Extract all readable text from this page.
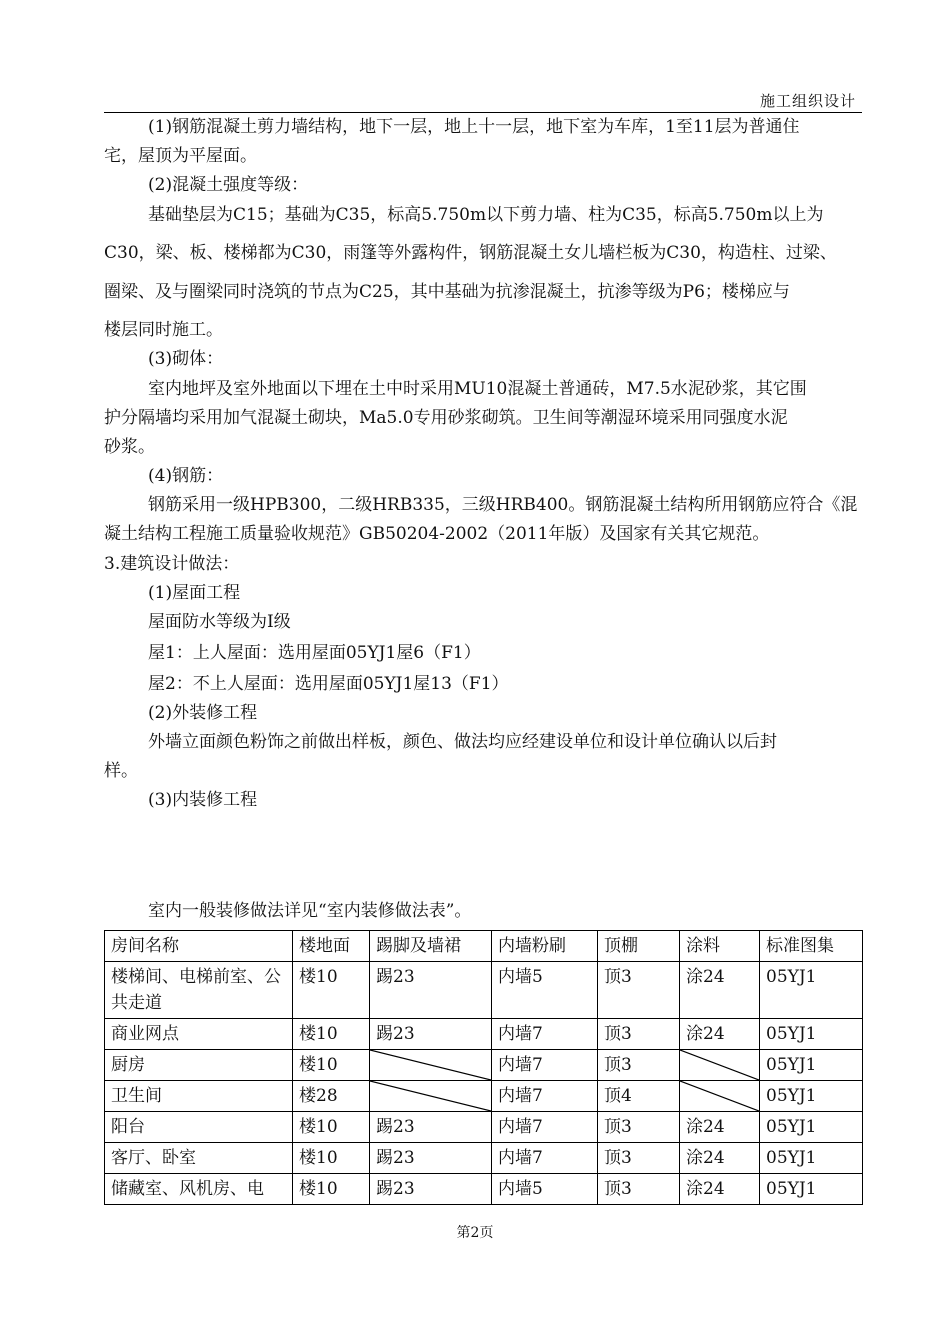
施工组织设计
(1)钢筋混凝土剪力墙结构，地下一层，地上十一层，地下室为车库，1至11层为普通住
宅，屋顶为平屋面。
(2)混凝土强度等级：
基础垫层为C15；基础为C35，标高5.750m以下剪力墙、柱为C35，标高5.750m以上为
C30，梁、板、楼梯都为C30，雨篷等外露构件，钢筋混凝土女儿墙栏板为C30，构造柱、过梁、
圈梁、及与圈梁同时浇筑的节点为C25，其中基础为抗渗混凝土，抗渗等级为P6；楼梯应与
楼层同时施工。
(3)砌体：
室内地坪及室外地面以下埋在土中时采用MU10混凝土普通砖，M7.5水泥砂浆，其它围
护分隔墙均采用加气混凝土砌块，Ma5.0专用砂浆砌筑。卫生间等潮湿环境采用同强度水泥
砂浆。
(4)钢筋：
钢筋采用一级HPB300，二级HRB335，三级HRB400。钢筋混凝土结构所用钢筋应符合《混
凝土结构工程施工质量验收规范》GB50204-2002（2011年版）及国家有关其它规范。
3.建筑设计做法：
(1)屋面工程
屋面防水等级为Ⅰ级
屋1：上人屋面：选用屋面05YJ1屋6（F1）
屋2：不上人屋面：选用屋面05YJ1屋13（F1）
(2)外装修工程
外墙立面颜色粉饰之前做出样板，颜色、做法均应经建设单位和设计单位确认以后封
样。
(3)内装修工程
室内一般装修做法详见“室内装修做法表”。
房间名称	楼地面	踢脚及墙裙	内墙粉刷	顶棚	涂料	标准图集
楼梯间、电梯前室、公共走道	楼10	踢23	内墙5	顶3	涂24	05YJ1
商业网点	楼10	踢23	内墙7	顶3	涂24	05YJ1
厨房	楼10		内墙7	顶3		05YJ1
卫生间	楼28		内墙7	顶4		05YJ1
阳台	楼10	踢23	内墙7	顶3	涂24	05YJ1
客厅、卧室	楼10	踢23	内墙7	顶3	涂24	05YJ1
储藏室、风机房、电	楼10	踢23	内墙5	顶3	涂24	05YJ1
第2页
